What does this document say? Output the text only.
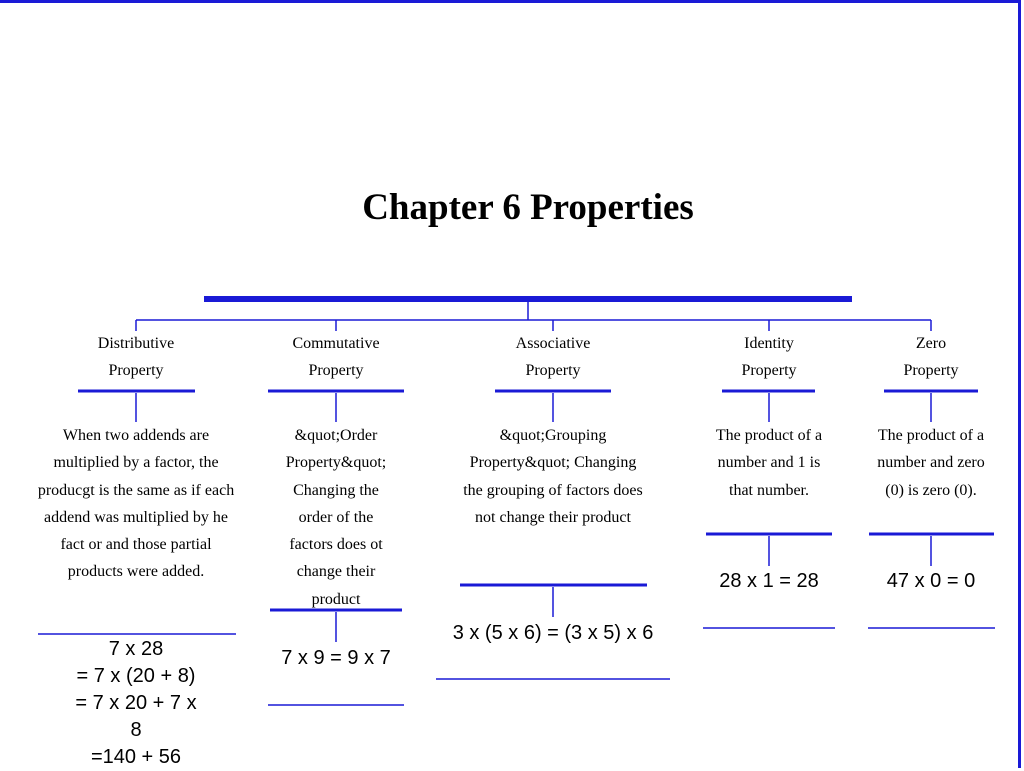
Chapter 6 Properties
Distributive
Property
Commutative
Property
Associative
Property
Identity
Property
Zero
Property
When two addends are multiplied by a factor, the producgt is the same as if each addend was multiplied by he fact or and those partial products were added.
&quot;Order Property&quot; Changing the order of the factors does ot change their product
&quot;Grouping Property&quot; Changing the grouping of factors does not change their product
The product of a number and 1 is that number.
The product of a number and zero (0) is zero (0).
7 x 28
= 7 x (20 + 8)
= 7 x 20 + 7 x
8
=140 + 56
7 x 9 = 9 x 7
3 x (5 x 6) = (3 x 5) x 6
28 x 1 = 28	47 x 0 = 0
